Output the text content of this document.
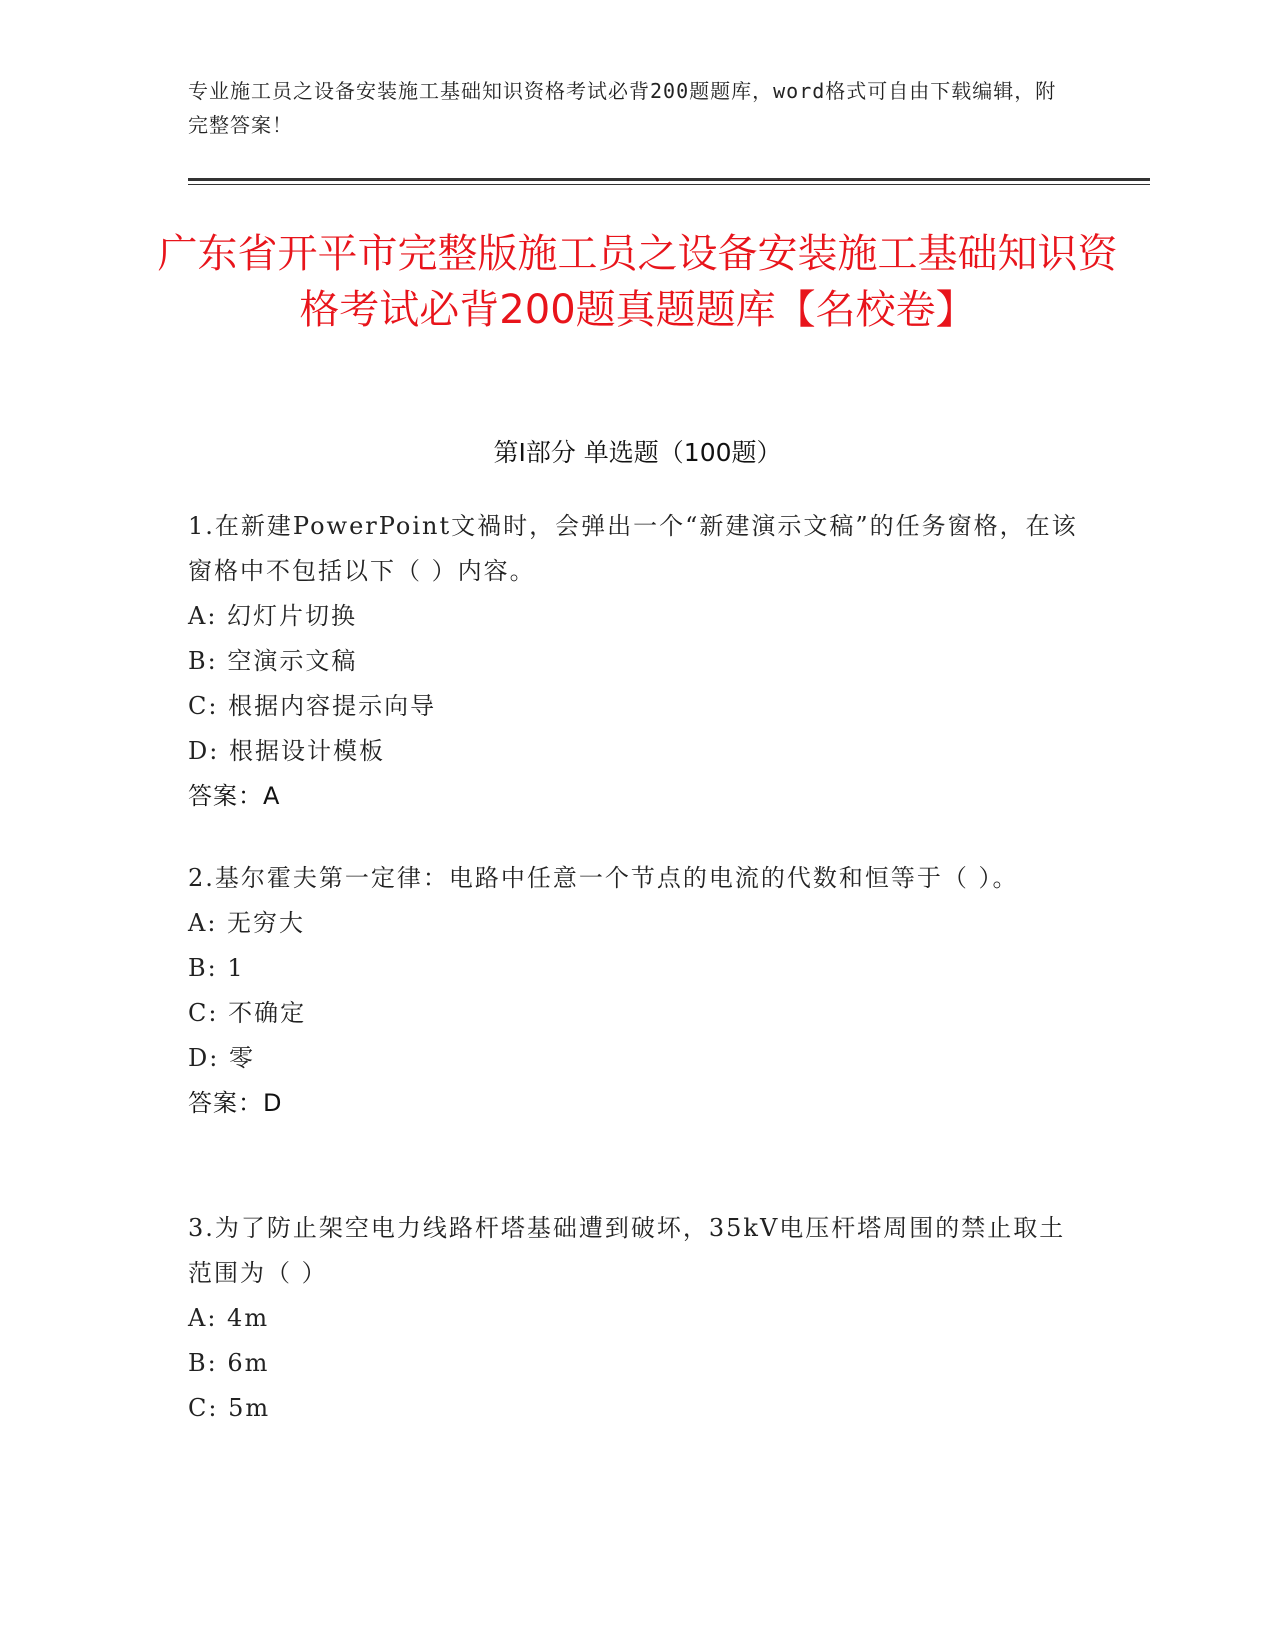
专业施工员之设备安装施工基础知识资格考试必背200题题库，word格式可自由下载编辑，附完整答案！
广东省开平市完整版施工员之设备安装施工基础知识资格考试必背200题真题题库【名校卷】
第I部分 单选题（100题）

1.在新建PowerPoint文禍时，会弹出一个“新建演示文稿”的任务窗格，在该窗格中不包括以下（ ）内容。

A: 幻灯片切换

B: 空演示文稿

C: 根据内容提示向导

D: 根据设计模板

答案：A

2.基尔霍夫第一定律：电路中任意一个节点的电流的代数和恒等于（ ）。

A: 无穷大

B: 1

C: 不确定

D: 零

答案：D

3.为了防止架空电力线路杆塔基础遭到破坏，35kV电压杆塔周围的禁止取土范围为（ ）

A: 4m

B: 6m

C: 5m
